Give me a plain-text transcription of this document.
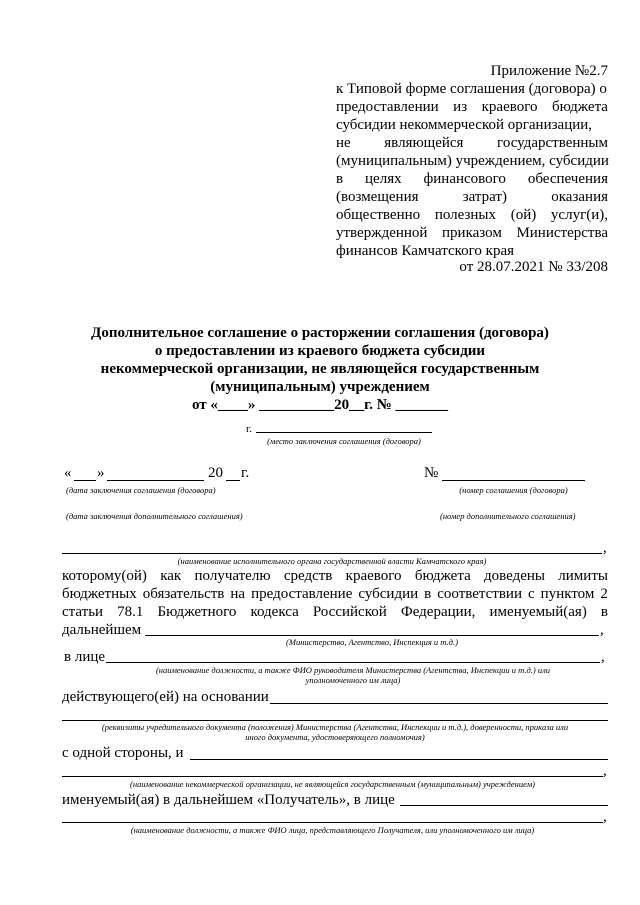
Приложение №2.7
к Типовой форме соглашения (договора) о
предоставлении из краевого бюджета
субсидии некоммерческой организации,
не являющейся государственным
(муниципальным) учреждением, субсидии
в целях финансового обеспечения
(возмещения	затрат)	оказания
общественно полезных (ой) услуг(и),
утвержденной приказом Министерства
финансов Камчатского края
от 28.07.2021 № 33/208
Дополнительное соглашение о расторжении соглашения (договора)
о предоставлении из краевого бюджета субсидии
некоммерческой организации, не являющейся государственным
(муниципальным) учреждением
от «____» __________20__г. № _______
г.
(место заключения соглашения (договора)
« »	20 г.
(дата заключения соглашения (договора)
№
(номер соглашения (договора)
(дата заключения дополнительного соглашения)	(номер дополнительного соглашения)
,
(наименование исполнительного органа государственной власти Камчатского края)
которому(ой) как получателю средств краевого бюджета доведены лимиты
бюджетных обязательств на предоставление субсидии в соответствии с пунктом 2
статьи 78.1 Бюджетного кодекса Российской Федерации, именуемый(ая) в
дальнейшем	,
(Министерство, Агентство, Инспекция и т.д.)
в лице	,
(наименование должности, а также ФИО руководителя Министерства (Агентства, Инспекции и т.д.) или
уполномоченного им лица)
действующего(ей) на основании
(реквизиты учредительного документа (положения) Министерства (Агентства, Инспекции и т.д.), доверенности, приказа или
иного документа, удостоверяющего полномочия)
с одной стороны, и
,
(наименование некоммерческой организации, не являющейся государственным (муниципальным) учреждением)
именуемый(ая) в дальнейшем «Получатель», в лице
,
(наименование должности, а также ФИО лица, представляющего Получателя, или уполномоченного им лица)
